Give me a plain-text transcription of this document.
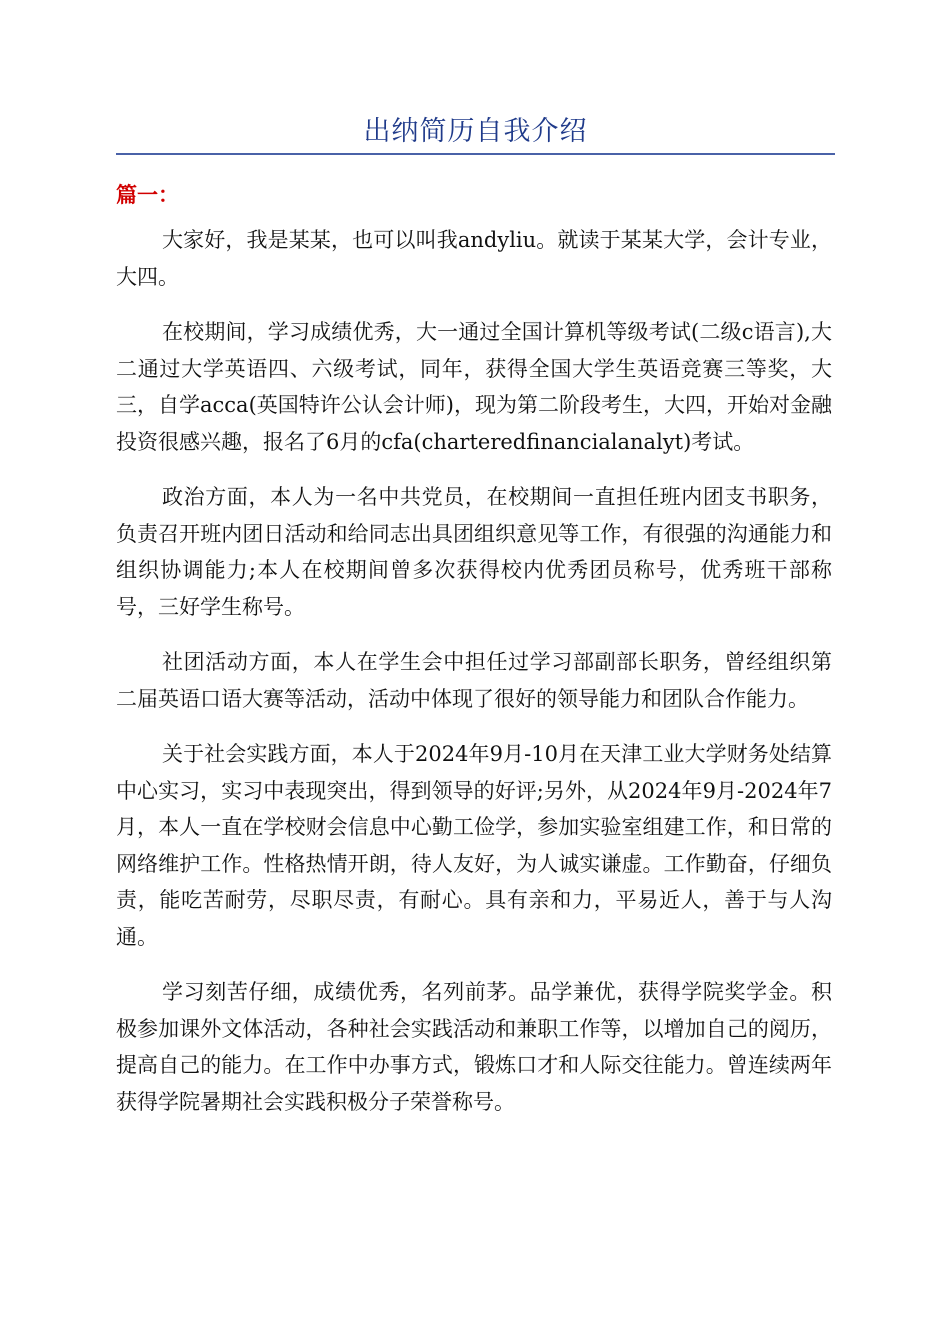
出纳简历自我介绍
篇一：

大家好，我是某某，也可以叫我andyliu。就读于某某大学，会计专业，大四。

在校期间，学习成绩优秀，大一通过全国计算机等级考试(二级c语言),大二通过大学英语四、六级考试，同年，获得全国大学生英语竞赛三等奖，大三，自学acca(英国特许公认会计师)，现为第二阶段考生，大四，开始对金融投资很感兴趣，报名了6月的cfa(charteredfinancialanalyt)考试。

政治方面，本人为一名中共党员，在校期间一直担任班内团支书职务，负责召开班内团日活动和给同志出具团组织意见等工作，有很强的沟通能力和组织协调能力;本人在校期间曾多次获得校内优秀团员称号，优秀班干部称号，三好学生称号。

社团活动方面，本人在学生会中担任过学习部副部长职务，曾经组织第二届英语口语大赛等活动，活动中体现了很好的领导能力和团队合作能力。

关于社会实践方面，本人于2024年9月-10月在天津工业大学财务处结算中心实习，实习中表现突出，得到领导的好评;另外，从2024年9月-2024年7月，本人一直在学校财会信息中心勤工俭学，参加实验室组建工作，和日常的网络维护工作。性格热情开朗，待人友好，为人诚实谦虚。工作勤奋，仔细负责，能吃苦耐劳，尽职尽责，有耐心。具有亲和力，平易近人，善于与人沟通。

学习刻苦仔细，成绩优秀，名列前茅。品学兼优，获得学院奖学金。积极参加课外文体活动，各种社会实践活动和兼职工作等，以增加自己的阅历，提高自己的能力。在工作中办事方式，锻炼口才和人际交往能力。曾连续两年获得学院暑期社会实践积极分子荣誉称号。
